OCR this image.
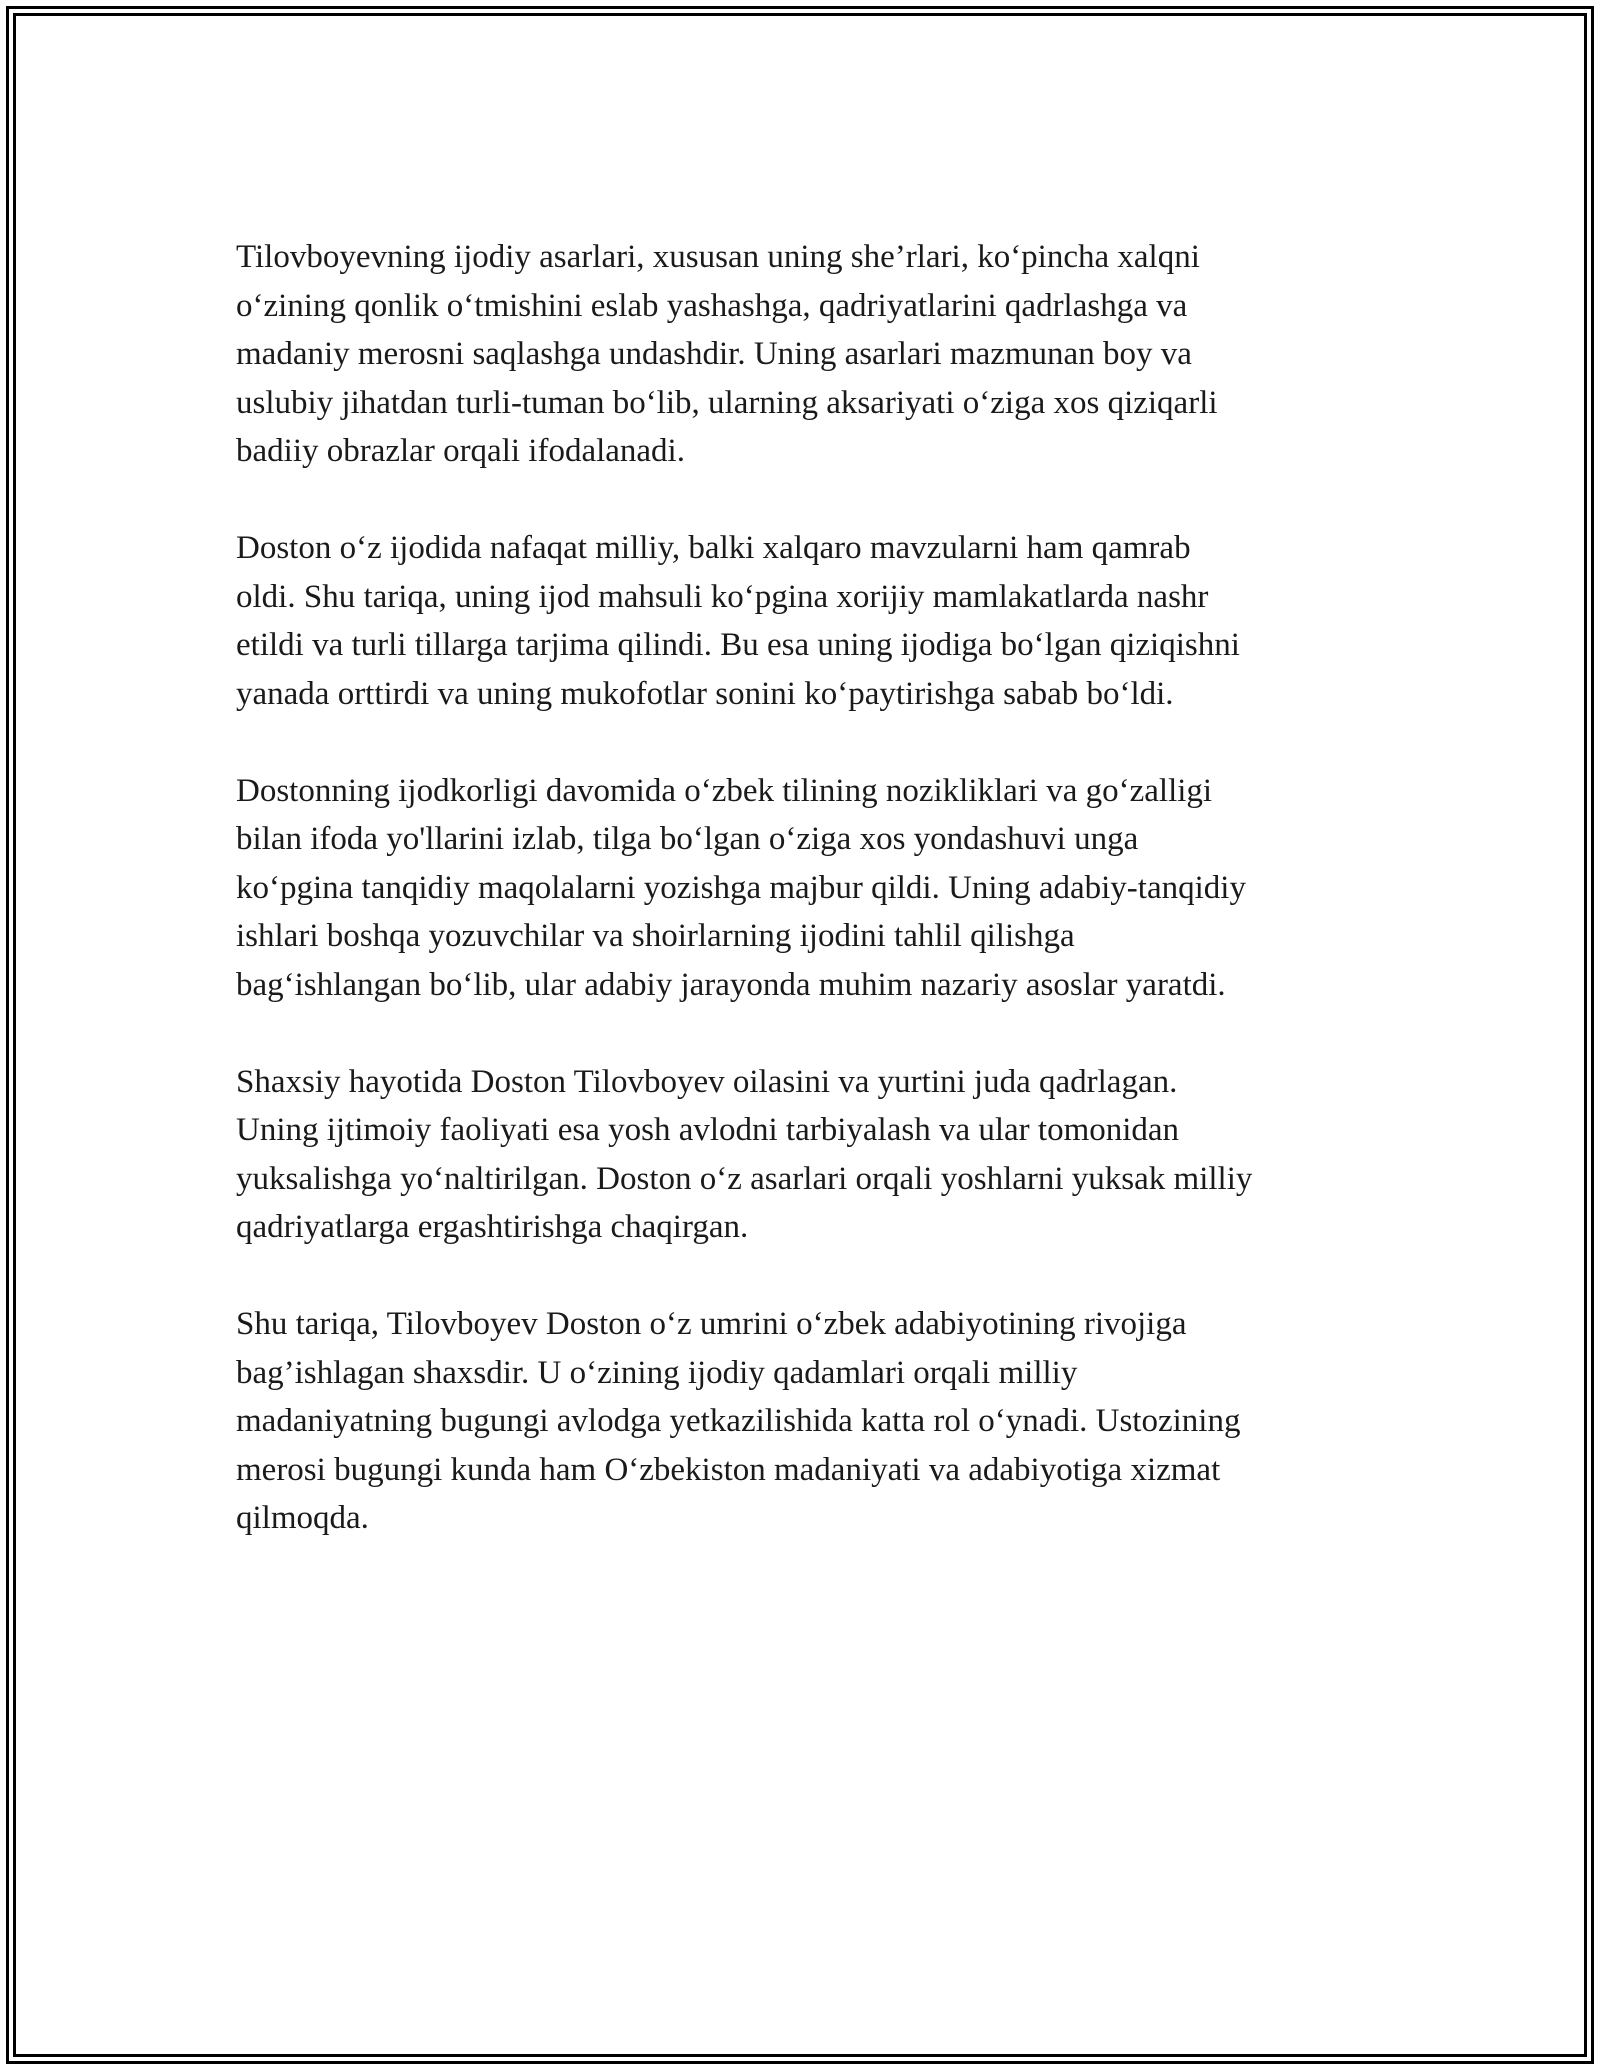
Tilovboyevning ijodiy asarlari, xususan uning she’rlari, ko‘pincha xalqni
o‘zining qonlik o‘tmishini eslab yashashga, qadriyatlarini qadrlashga va
madaniy merosni saqlashga undashdir. Uning asarlari mazmunan boy va
uslubiy jihatdan turli-tuman bo‘lib, ularning aksariyati o‘ziga xos qiziqarli
badiiy obrazlar orqali ifodalanadi.

Doston o‘z ijodida nafaqat milliy, balki xalqaro mavzularni ham qamrab
oldi. Shu tariqa, uning ijod mahsuli ko‘pgina xorijiy mamlakatlarda nashr
etildi va turli tillarga tarjima qilindi. Bu esa uning ijodiga bo‘lgan qiziqishni
yanada orttirdi va uning mukofotlar sonini ko‘paytirishga sabab bo‘ldi.

Dostonning ijodkorligi davomida o‘zbek tilining nozikliklari va go‘zalligi
bilan ifoda yo'llarini izlab, tilga bo‘lgan o‘ziga xos yondashuvi unga
ko‘pgina tanqidiy maqolalarni yozishga majbur qildi. Uning adabiy-tanqidiy
ishlari boshqa yozuvchilar va shoirlarning ijodini tahlil qilishga
bag‘ishlangan bo‘lib, ular adabiy jarayonda muhim nazariy asoslar yaratdi.

Shaxsiy hayotida Doston Tilovboyev oilasini va yurtini juda qadrlagan.
Uning ijtimoiy faoliyati esa yosh avlodni tarbiyalash va ular tomonidan
yuksalishga yo‘naltirilgan. Doston o‘z asarlari orqali yoshlarni yuksak milliy
qadriyatlarga ergashtirishga chaqirgan.

Shu tariqa, Tilovboyev Doston o‘z umrini o‘zbek adabiyotining rivojiga
bag’ishlagan shaxsdir. U o‘zining ijodiy qadamlari orqali milliy
madaniyatning bugungi avlodga yetkazilishida katta rol o‘ynadi. Ustozining
merosi bugungi kunda ham O‘zbekiston madaniyati va adabiyotiga xizmat
qilmoqda.
